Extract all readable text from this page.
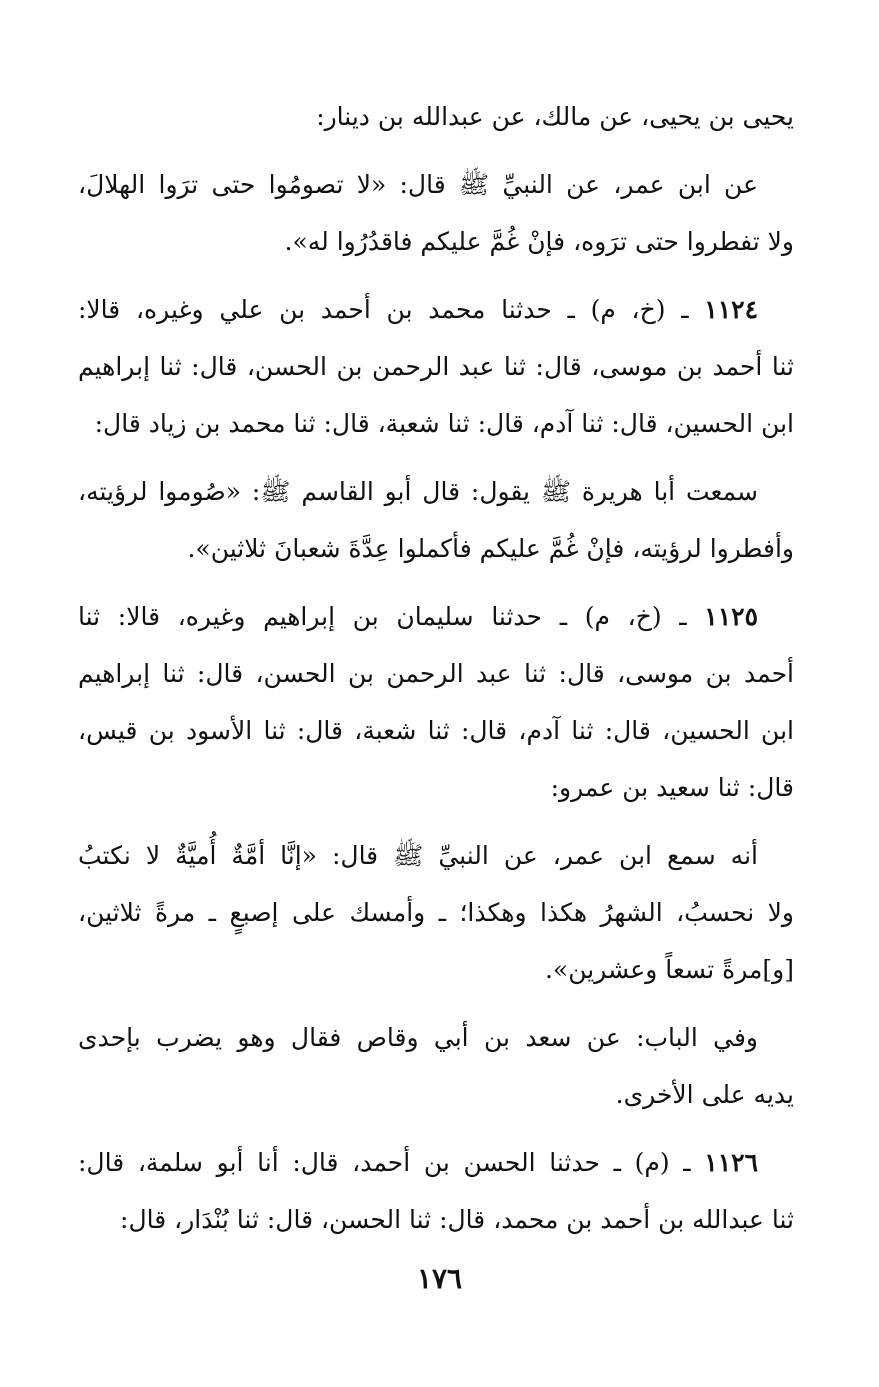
يحيى بن يحيى، عن مالك، عن عبدالله بن دينار:
عن ابن عمر، عن النبيِّ ﷺ قال: «لا تصومُوا حتى ترَوا الهلالَ،
ولا تفطروا حتى ترَوه، فإنْ غُمَّ عليكم فاقدُرُوا له».
١١٢٤ ـ (خ، م) ـ حدثنا محمد بن أحمد بن علي وغيره، قالا:
ثنا أحمد بن موسى، قال: ثنا عبد الرحمن بن الحسن، قال: ثنا إبراهيم
ابن الحسين، قال: ثنا آدم، قال: ثنا شعبة، قال: ثنا محمد بن زياد قال:
سمعت أبا هريرة ﷺ يقول: قال أبو القاسم ﷺ: «صُوموا لرؤيته،
وأفطروا لرؤيته، فإنْ غُمَّ عليكم فأكملوا عِدَّةَ شعبانَ ثلاثين».
١١٢٥ ـ (خ، م) ـ حدثنا سليمان بن إبراهيم وغيره، قالا: ثنا
أحمد بن موسى، قال: ثنا عبد الرحمن بن الحسن، قال: ثنا إبراهيم
ابن الحسين، قال: ثنا آدم، قال: ثنا شعبة، قال: ثنا الأسود بن قيس،
قال: ثنا سعيد بن عمرو:
أنه سمع ابن عمر، عن النبيِّ ﷺ قال: «إنَّا أمَّةٌ أُميَّةٌ لا نكتبُ
ولا نحسبُ، الشهرُ هكذا وهكذا؛ ـ وأمسك على إصبعٍ ـ مرةً ثلاثين،
[و]مرةً تسعاً وعشرين».
وفي الباب: عن سعد بن أبي وقاص فقال وهو يضرب بإحدى
يديه على الأخرى.
١١٢٦ ـ (م) ـ حدثنا الحسن بن أحمد، قال: أنا أبو سلمة، قال:
ثنا عبدالله بن أحمد بن محمد، قال: ثنا الحسن، قال: ثنا بُنْدَار، قال:
١٧٦
